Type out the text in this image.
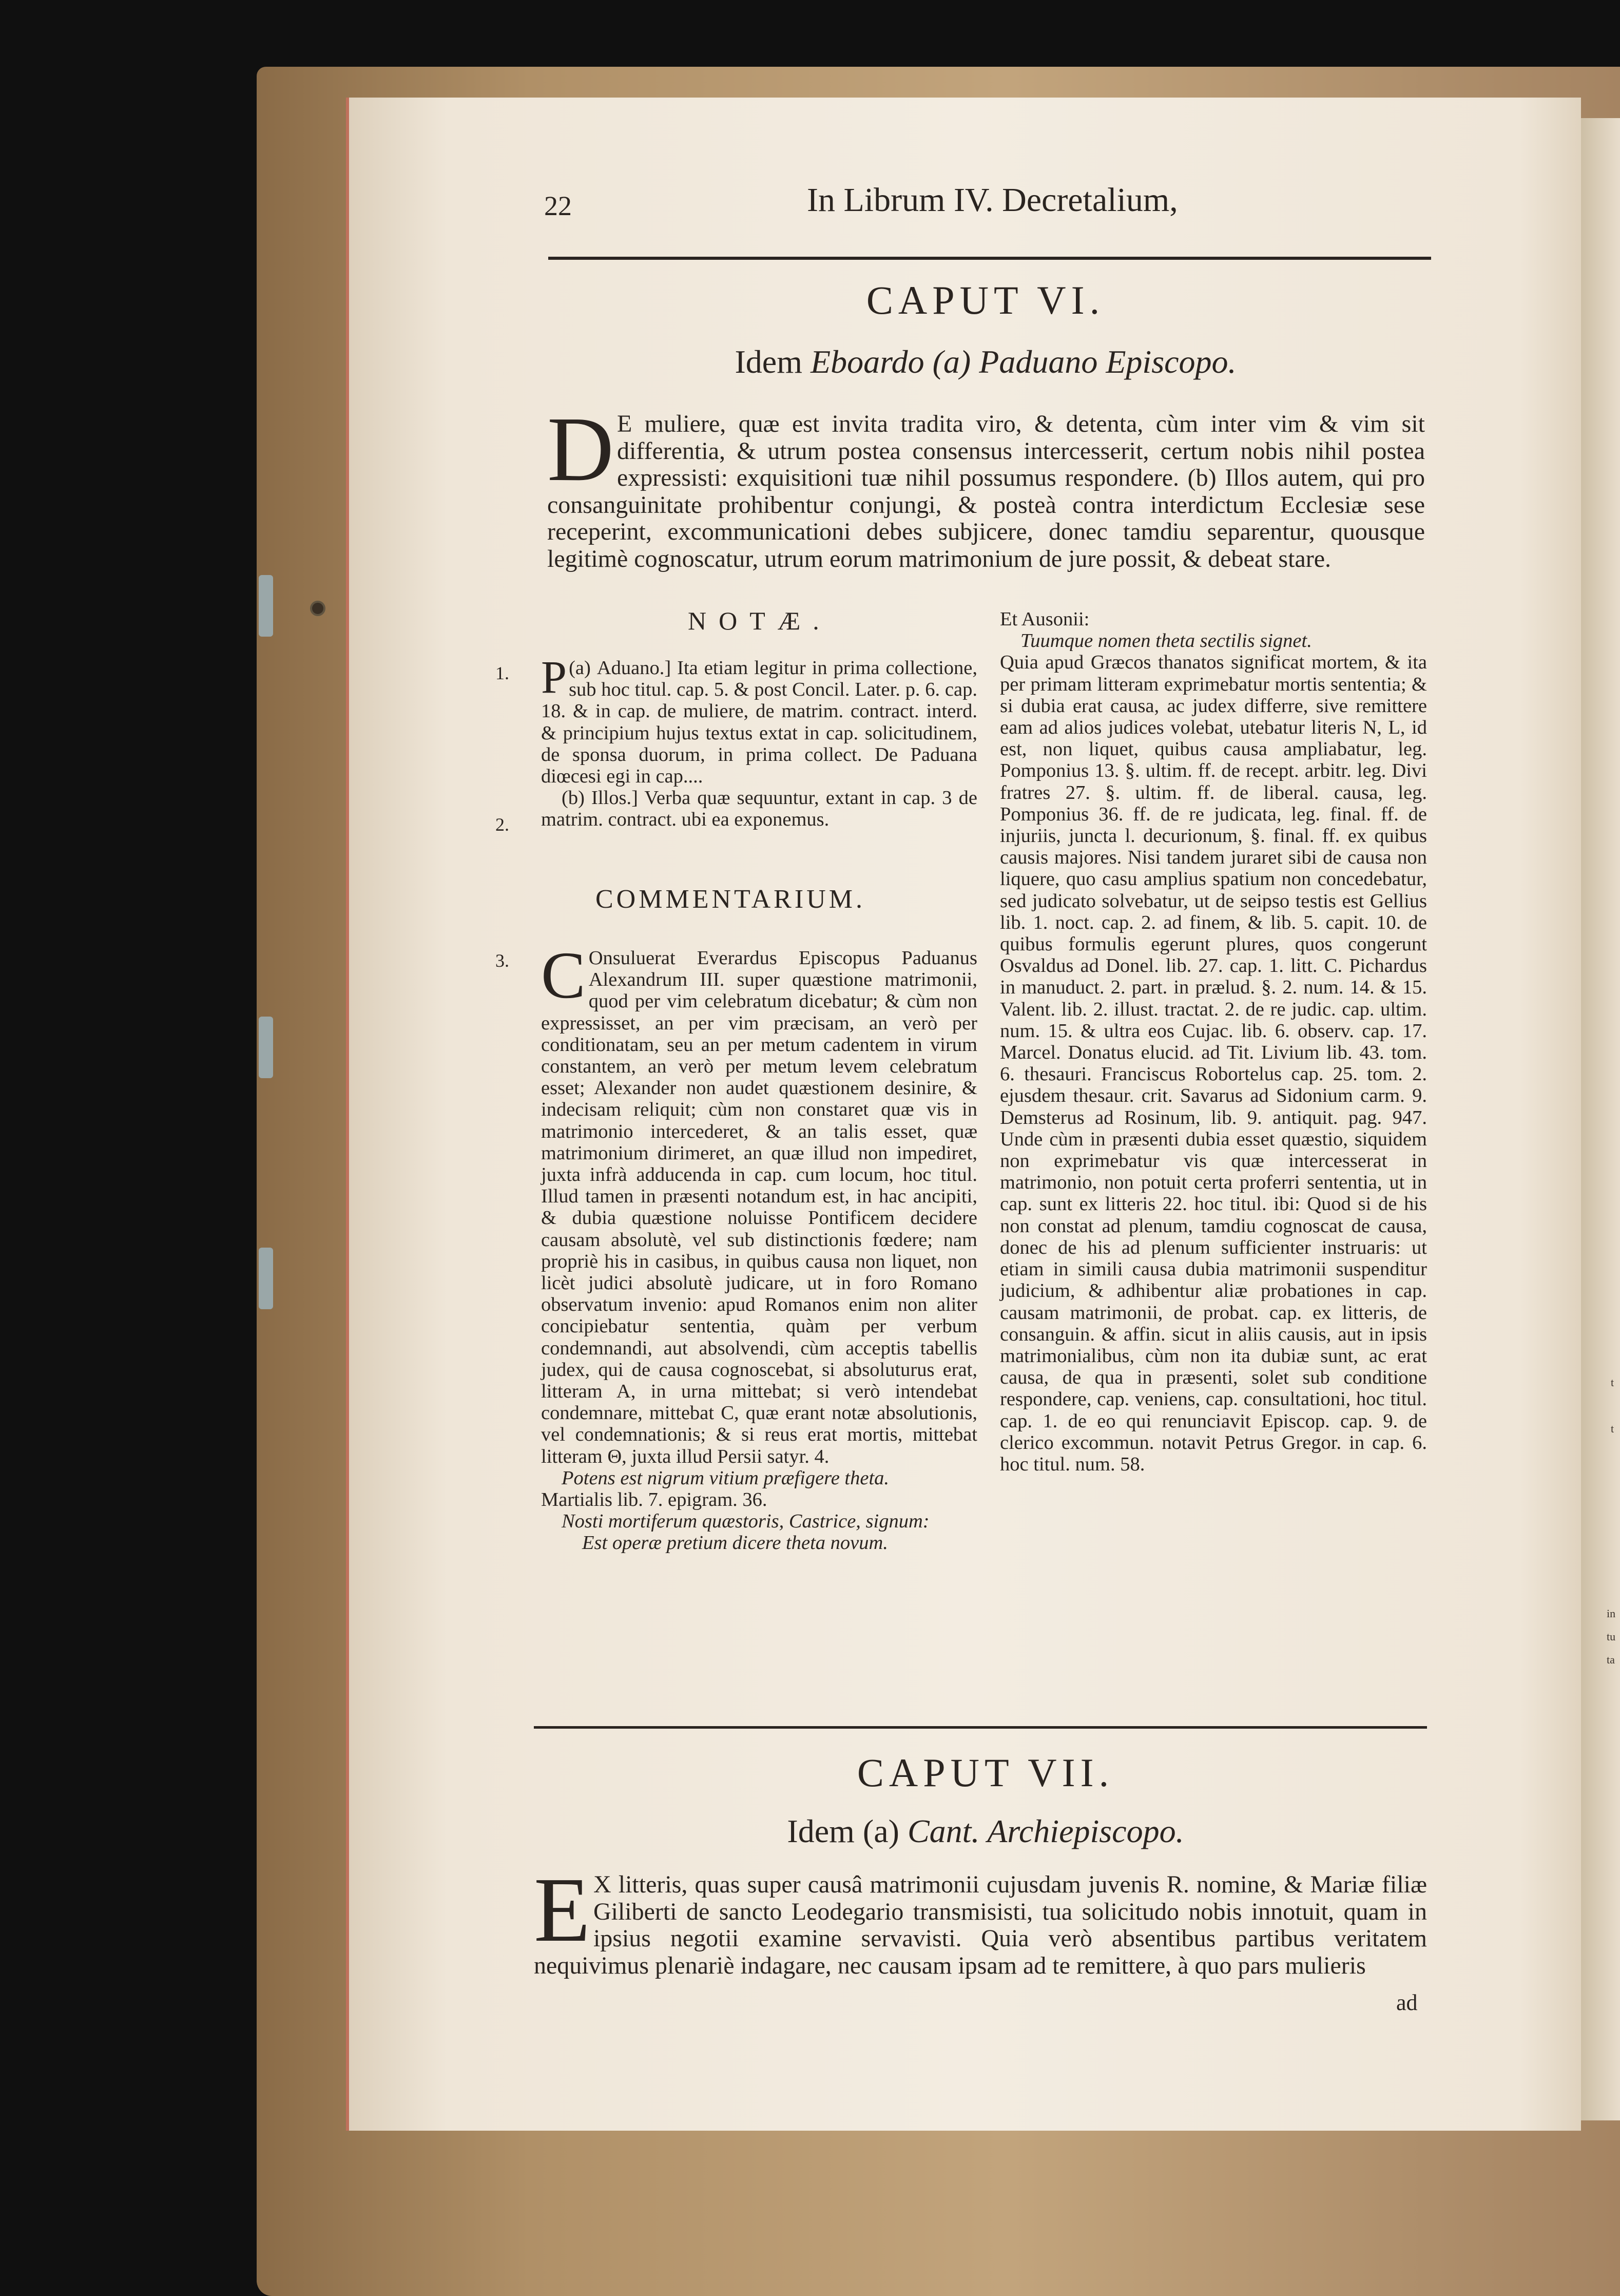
t
t
in
tu
ta
22	In Librum IV. Decretalium,
CAPUT VI.
Idem Eboardo (a) Paduano Episcopo.
D E muliere, quæ est invita tradita viro, & detenta, cùm inter vim & vim sit differentia, & utrum postea consensus intercesserit, certum nobis nihil postea expressisti: exquisitioni tuæ nihil possumus respondere. (b) Illos autem, qui pro consanguinitate prohibentur conjungi, & posteà contra interdictum Ecclesiæ sese receperint, excommunicationi debes subjicere, donec tamdiu separentur, quousque legitimè cognoscatur, utrum eorum matrimonium de jure possit, & debeat stare.
NOTÆ.
1.
2.
3.

(a)
P Aduano.] Ita etiam legitur in prima collectione, sub hoc titul. cap. 5. & post Concil. Later. p. 6. cap. 18. & in cap. de muliere, de matrim. contract. interd. & principium hujus textus extat in cap. solicitudinem, de sponsa duorum, in prima collect. De Paduana diœcesi egi in cap....

(b) Illos.] Verba quæ sequuntur, extant in cap. 3 de matrim. contract. ubi ea exponemus.

COMMENTARIUM.

C Onsuluerat Everardus Episcopus Paduanus Alexandrum III. super quæstione matrimonii, quod per vim celebratum dicebatur; & cùm non expressisset, an per vim præcisam, an verò per conditionatam, seu an per metum cadentem in virum constantem, an verò per metum levem celebratum esset; Alexander non audet quæstionem desinire, & indecisam reliquit; cùm non constaret quæ vis in matrimonio intercederet, & an talis esset, quæ matrimonium dirimeret, an quæ illud non impediret, juxta infrà adducenda in cap. cum locum, hoc titul. Illud tamen in præsenti notandum est, in hac ancipiti, & dubia quæstione noluisse Pontificem decidere causam absolutè, vel sub distinctionis fœdere; nam propriè his in casibus, in quibus causa non liquet, non licèt judici absolutè judicare, ut in foro Romano observatum invenio: apud Romanos enim non aliter concipiebatur sententia, quàm per verbum condemnandi, aut absolvendi, cùm acceptis tabellis judex, qui de causa cognoscebat, si absoluturus erat, litteram A, in urna mittebat; si verò intendebat condemnare, mittebat C, quæ erant notæ absolutionis, vel condemnationis; & si reus erat mortis, mittebat litteram Θ, juxta illud Persii satyr. 4.

Potens est nigrum vitium præfigere theta.

Martialis lib. 7. epigram. 36.

Nosti mortiferum quæstoris, Castrice, signum:

Est operæ pretium dicere theta novum.

Et Ausonii:

Tuumque nomen theta sectilis signet.

Quia apud Græcos thanatos significat mortem, & ita per primam litteram exprimebatur mortis sententia; & si dubia erat causa, ac judex differre, sive remittere eam ad alios judices volebat, utebatur literis N, L, id est, non liquet, quibus causa ampliabatur, leg. Pomponius 13. §. ultim. ff. de recept. arbitr. leg. Divi fratres 27. §. ultim. ff. de liberal. causa, leg. Pomponius 36. ff. de re judicata, leg. final. ff. de injuriis, juncta l. decurionum, §. final. ff. ex quibus causis majores. Nisi tandem juraret sibi de causa non liquere, quo casu amplius spatium non concedebatur, sed judicato solvebatur, ut de seipso testis est Gellius lib. 1. noct. cap. 2. ad finem, & lib. 5. capit. 10. de quibus formulis egerunt plures, quos congerunt Osvaldus ad Donel. lib. 27. cap. 1. litt. C. Pichardus in manuduct. 2. part. in prælud. §. 2. num. 14. & 15. Valent. lib. 2. illust. tractat. 2. de re judic. cap. ultim. num. 15. & ultra eos Cujac. lib. 6. observ. cap. 17. Marcel. Donatus elucid. ad Tit. Livium lib. 43. tom. 6. thesauri. Franciscus Robortelus cap. 25. tom. 2. ejusdem thesaur. crit. Savarus ad Sidonium carm. 9. Demsterus ad Rosinum, lib. 9. antiquit. pag. 947. Unde cùm in præsenti dubia esset quæstio, siquidem non exprimebatur vis quæ intercesserat in matrimonio, non potuit certa proferri sententia, ut in cap. sunt ex litteris 22. hoc titul. ibi: Quod si de his non constat ad plenum, tamdiu cognoscat de causa, donec de his ad plenum sufficienter instruaris: ut etiam in simili causa dubia matrimonii suspenditur judicium, & adhibentur aliæ probationes in cap. causam matrimonii, de probat. cap. ex litteris, de consanguin. & affin. sicut in aliis causis, aut in ipsis matrimonialibus, cùm non ita dubiæ sunt, ac erat causa, de qua in præsenti, solet sub conditione respondere, cap. veniens, cap. consultationi, hoc titul. cap. 1. de eo qui renunciavit Episcop. cap. 9. de clerico excommun. notavit Petrus Gregor. in cap. 6. hoc titul. num. 58.

CAPUT VII.
Idem (a) Cant. Archiepiscopo.
E X litteris, quas super causâ matrimonii cujusdam juvenis R. nomine, & Mariæ filiæ Giliberti de sancto Leodegario transmisisti, tua solicitudo nobis innotuit, quam in ipsius negotii examine servavisti. Quia verò absentibus partibus veritatem nequivimus plenariè indagare, nec causam ipsam ad te remittere, à quo pars mulieris
ad
